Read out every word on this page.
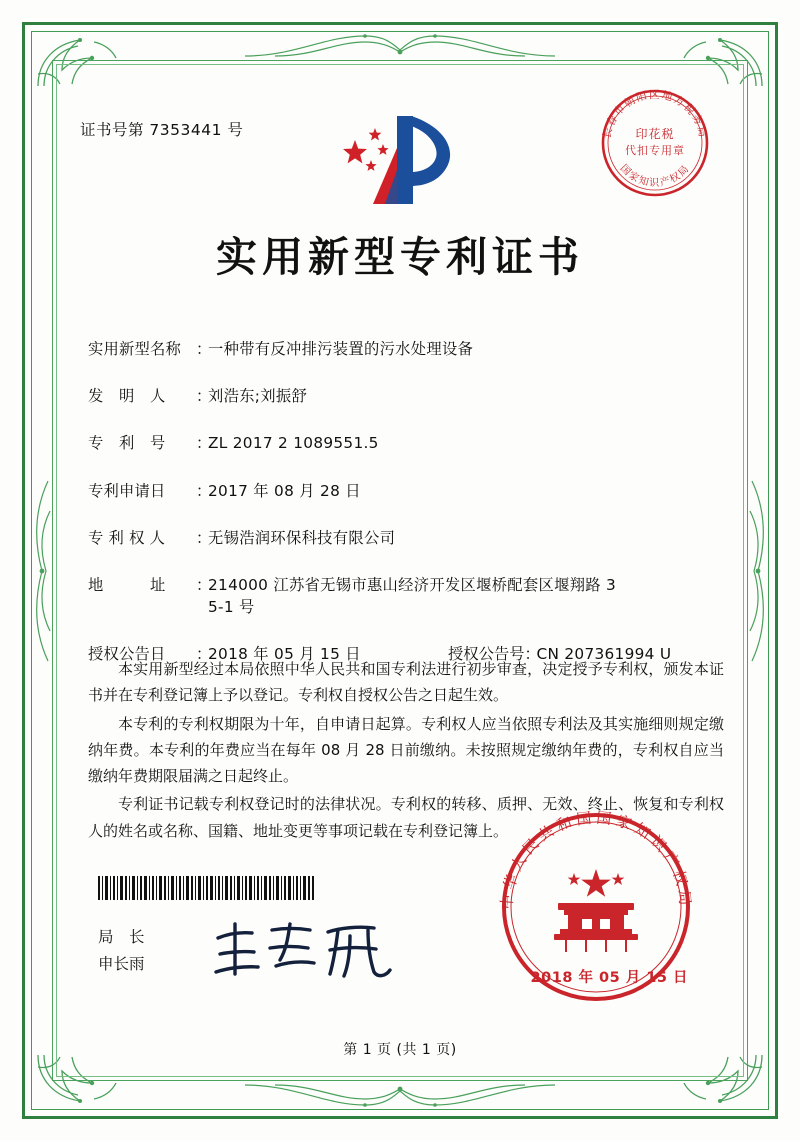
证书号第 7353441 号	长春市朝阳区地方税务局
国家知识产权局
印花税
代扣专用章
实用新型专利证书
实用新型名称 ：
一种带有反冲排污装置的污水处理设备
发　明　人	：
刘浩东;刘振舒
专　利　号	：
ZL 2017 2 1089551.5
专利申请日	：
2017 年 08 月 28 日
专 利 权 人	：
无锡浩润环保科技有限公司
地　　　址	：
214000 江苏省无锡市惠山经济开发区堰桥配套区堰翔路 3
5-1 号
授权公告日	：
2018 年 05 月 15 日	授权公告号 ：
CN 207361994 U

本实用新型经过本局依照中华人民共和国专利法进行初步审查，决定授予专利权，颁发本证书并在专利登记簿上予以登记。专利权自授权公告之日起生效。

本专利的专利权期限为十年，自申请日起算。专利权人应当依照专利法及其实施细则规定缴纳年费。本专利的年费应当在每年 08 月 28 日前缴纳。未按照规定缴纳年费的，专利权自应当缴纳年费期限届满之日起终止。

专利证书记载专利权登记时的法律状况。专利权的转移、质押、无效、终止、恢复和专利权人的姓名或名称、国籍、地址变更等事项记载在专利登记簿上。

局　长
申长雨
中华人民共和国国家知识产权局
2018 年 05 月 15 日
第 1 页 (共 1 页)
